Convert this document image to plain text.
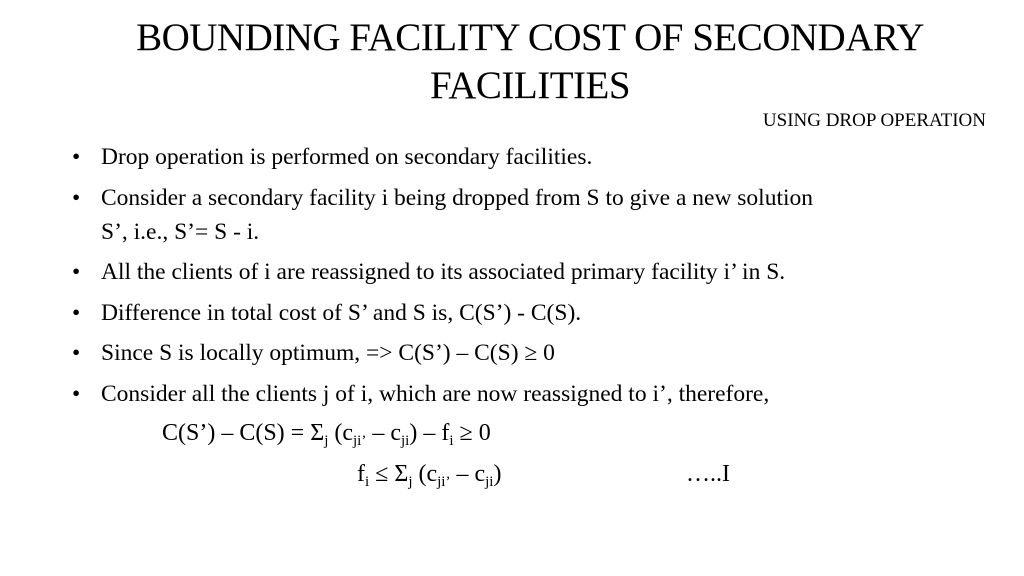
BOUNDING FACILITY COST OF SECONDARY FACILITIES
USING DROP OPERATION
• Drop operation is performed on secondary facilities.
• Consider a secondary facility i being dropped from S to give a new solution S’, i.e., S’= S - i.
• All the clients of i are reassigned to its associated primary facility i’ in S.
• Difference in total cost of S’ and S is, C(S’) - C(S).
• Since S is locally optimum, => C(S’) – C(S) ≥ 0
• Consider all the clients j of i, which are now reassigned to i’, therefore,
C(S’) – $C(S) = \Sigma_j$ $(c_{ji’} - c_{ji}) - f_i \ge 0$
$f_i \le \Sigma_j$ $(c_{ji’} - c_{ji})$	…..I
